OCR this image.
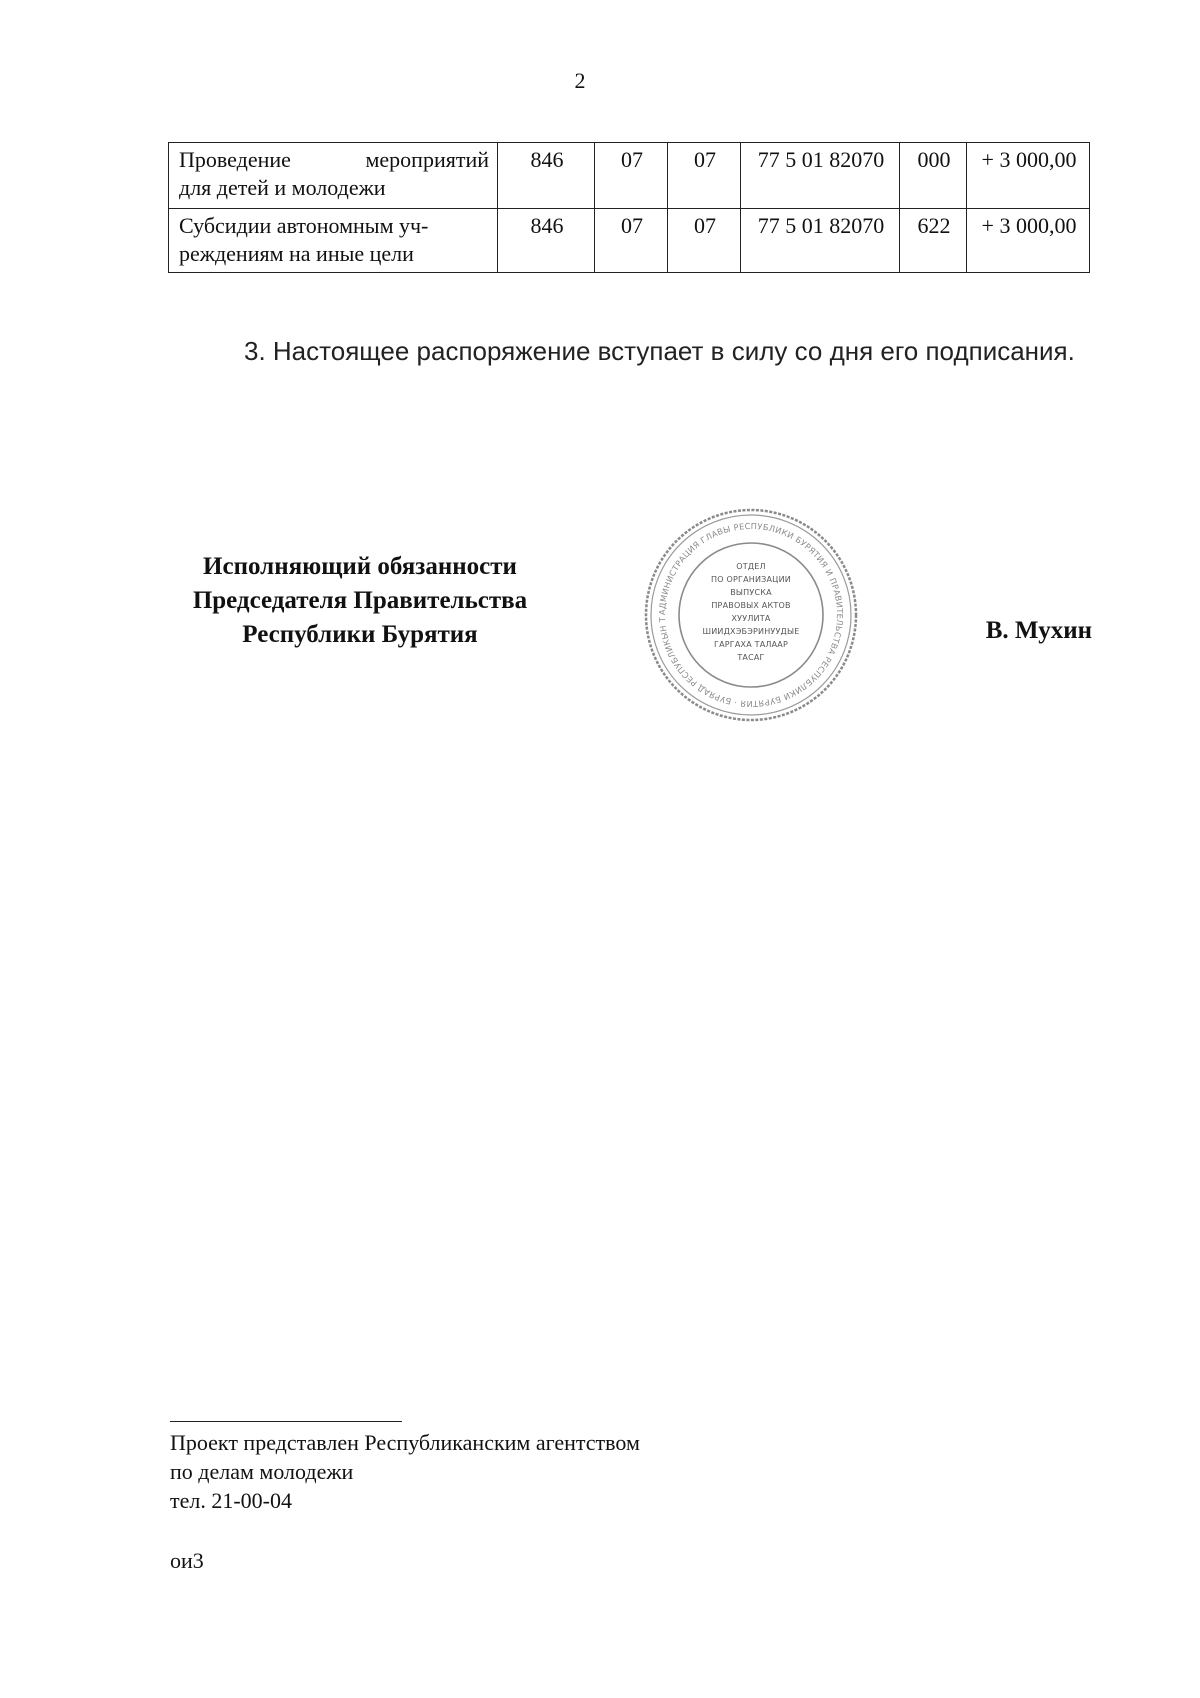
2
Проведение мероприятий
для детей и молодежи	846	07	07	77 5 01 82070	000	+ 3 000,00

Субсидии автономным уч-
реждениям на иные цели	846	07	07	77 5 01 82070	622	+ 3 000,00
3. Настоящее распоряжение вступает в силу со дня его подписания.
Исполняющий обязанности
Председателя Правительства
Республики Бурятия
АДМИНИСТРАЦИЯ ГЛАВЫ РЕСПУБЛИКИ БУРЯТИЯ И ПРАВИТЕЛЬСТВА РЕСПУБЛИКИ БУРЯТИЯ · БУРЯАД РЕСПУБЛИКЫН Т
ОТДЕЛ
ПО ОРГАНИЗАЦИИ
ВЫПУСКА
ПРАВОВЫХ АКТОВ
ХУУЛИТА
ШИИДХЭБЭРИНУУДЫЕ
ГАРГАХА ТАЛААР
ТАСАГ
В. Мухин
Проект представлен Республиканским агентством
по делам молодежи
тел. 21-00-04
ои3
